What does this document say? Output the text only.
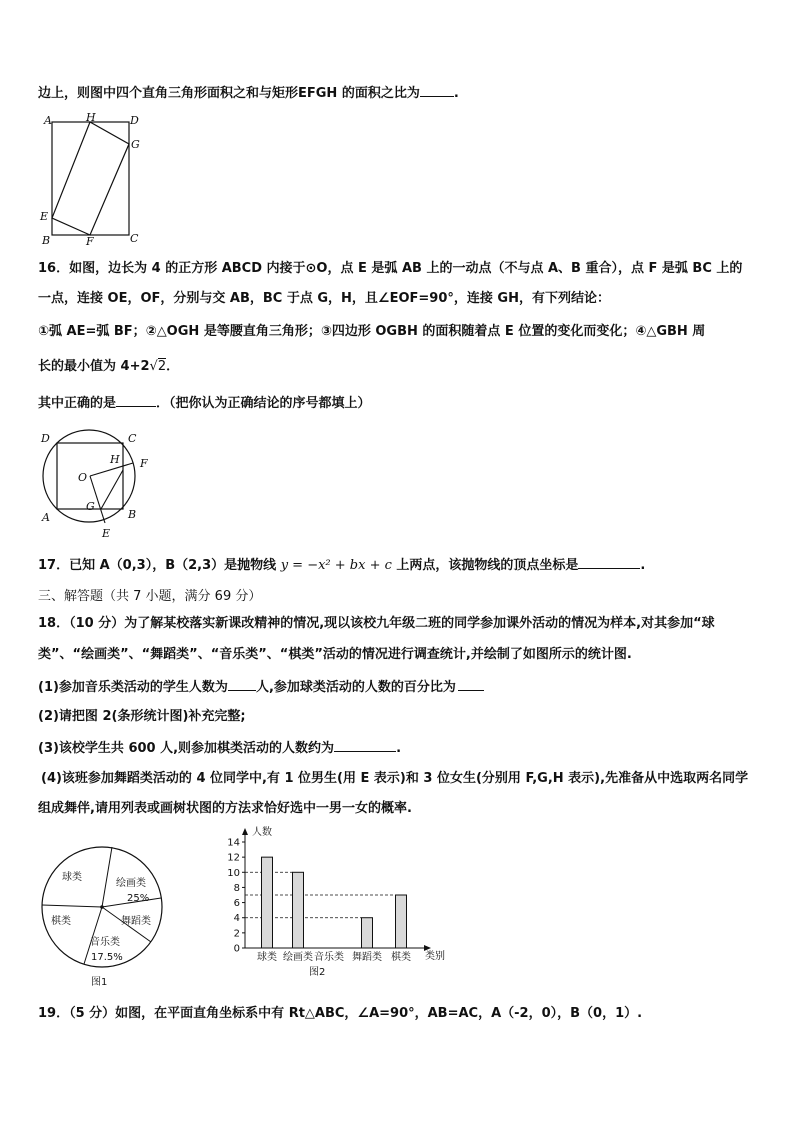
边上，则图中四个直角三角形面积之和与矩形EFGH 的面积之比为	.
A	H	D
G
E
B	F	C
16．如图，边长为 4 的正方形 ABCD 内接于⊙O，点 E 是弧 AB 上的一动点（不与点 A、B 重合），点 F 是弧 BC 上的
一点，连接 OE，OF，分别与交 AB，BC 于点 G，H，且∠EOF=90°，连接 GH，有下列结论：
①弧 AE=弧 BF；②△OGH 是等腰直角三角形；③四边形 OGBH 的面积随着点 E 位置的变化而变化；④△GBH 周
长的最小值为 4+2√2．
其中正确的是	．（把你认为正确结论的序号都填上）
D	C
H F
O
A
G
B
E
17．已知 A（0,3），B（2,3）是抛物线 y = −x² + bx + c 上两点，该抛物线的顶点坐标是	.
三、解答题（共 7 小题，满分 69 分）
18．（10 分）为了解某校落实新课改精神的情况,现以该校九年级二班的同学参加课外活动的情况为样本,对其参加“球
类”、“绘画类”、“舞蹈类”、“音乐类”、“棋类”活动的情况进行调查统计,并绘制了如图所示的统计图.
(1)参加音乐类活动的学生人数为 人,参加球类活动的人数的百分比为
(2)请把图 2(条形统计图)补充完整;
(3)该校学生共 600 人,则参加棋类活动的人数约为	.
(4)该班参加舞蹈类活动的 4 位同学中,有 1 位男生(用 E 表示)和 3 位女生(分别用 F,G,H 表示),先准备从中选取两名同学
组成舞伴,请用列表或画树状图的方法求恰好选中一男一女的概率.
球类
绘画类
25%
舞蹈类
音乐类
17.5%
棋类
图1
人数
类别
图2
0
2
4
6
8
10
12
14
球类 绘画类 音乐类 舞蹈类 棋类
19．（5 分）如图，在平面直角坐标系中有 Rt△ABC，∠A=90°，AB=AC，A（-2，0），B（0，1）.
